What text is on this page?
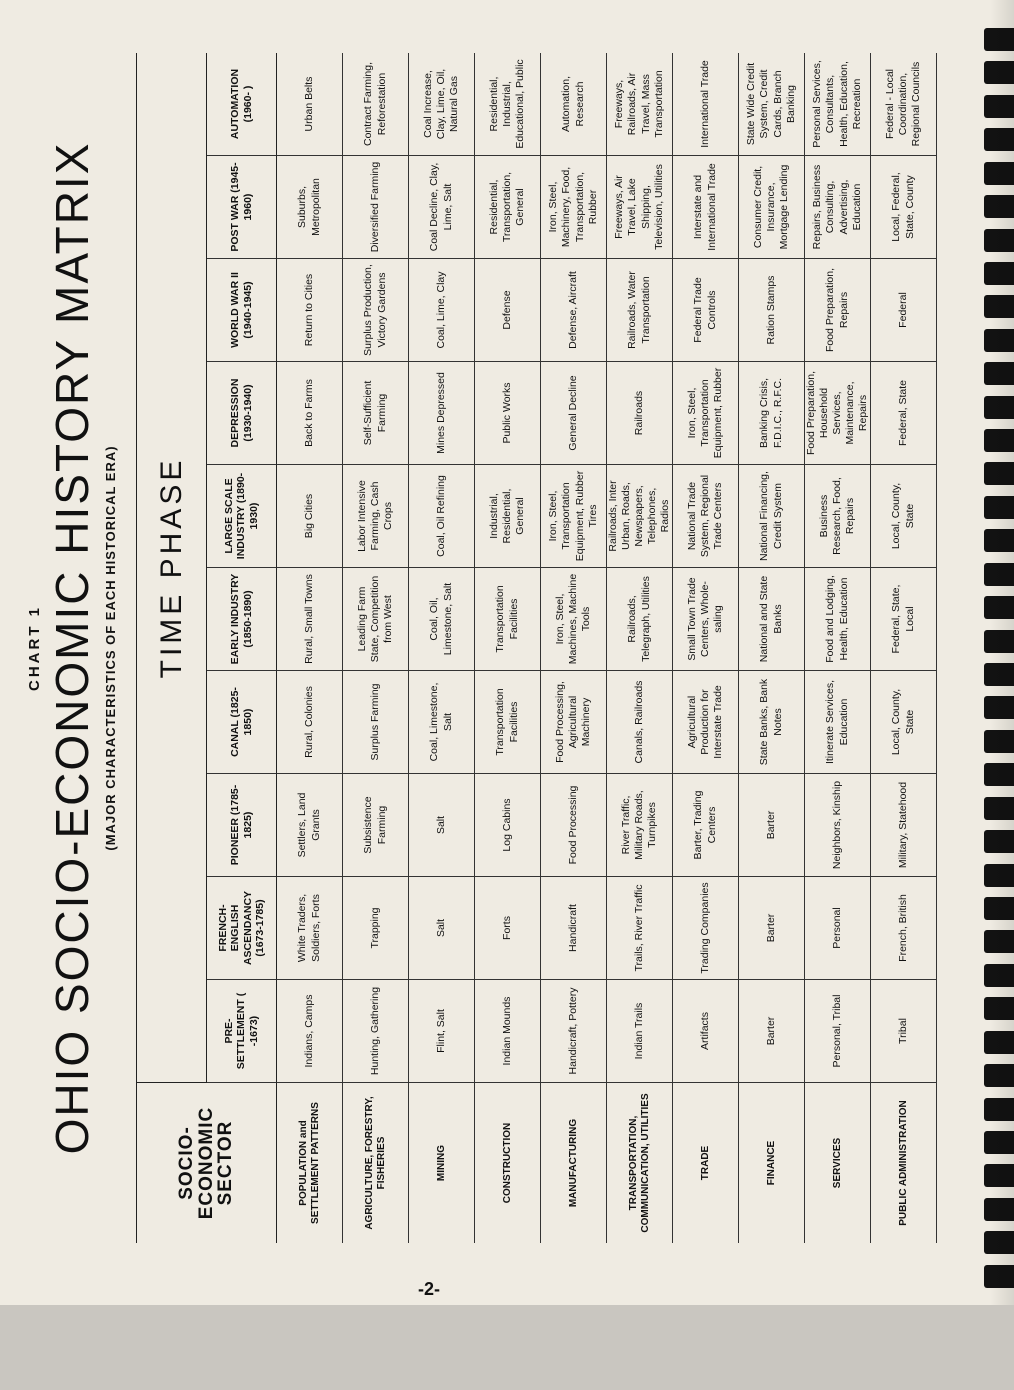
CHART 1 OHIO SOCIO-ECONOMIC HISTORY MATRIX (MAJOR CHARACTERISTICS OF EACH HISTORICAL ERA)
-2-
SOCIO-ECONOMIC SECTOR
TIME PHASE
PRE-SETTLEMENT ( -1673)
FRENCH-ENGLISH ASCENDANCY (1673-1785)
PIONEER (1785-1825)
CANAL (1825-1850)
EARLY INDUSTRY (1850-1890)
LARGE SCALE INDUSTRY (1890-1930)
DEPRESSION (1930-1940)
WORLD WAR II (1940-1945)
POST WAR (1945-1960)
AUTOMATION (1960- )
POPULATION and SETTLEMENT PATTERNS
Indians, Camps
White Traders, Soldiers, Forts
Settlers, Land Grants
Rural, Colonies
Rural, Small Towns
Big Cities
Back to Farms
Return to Cities
Suburbs, Metropolitan
Urban Belts
AGRICULTURE, FORESTRY, FISHERIES
Hunting, Gathering
Trapping
Subsistence Farming
Surplus Farming
Leading Farm State, Competition from West
Labor Intensive Farming, Cash Crops
Self-Sufficient Farming
Surplus Production, Victory Gardens
Diversified Farming
Contract Farming, Reforestation
MINING
Flint, Salt
Salt
Salt
Coal, Limestone, Salt
Coal, Oil, Limestone, Salt
Coal, Oil Refining
Mines Depressed
Coal, Lime, Clay
Coal Decline, Clay, Lime, Salt
Coal Increase, Clay, Lime, Oil, Natural Gas
CONSTRUCTION
Indian Mounds
Forts
Log Cabins
Transportation Facilities
Transportation Facilities
Industrial, Residential, General
Public Works
Defense
Residential, Transportation, General
Residential, Industrial, Educational, Public
MANUFACTURING
Handicraft, Pottery
Handicraft
Food Processing
Food Processing, Agricultural Machinery
Iron, Steel, Machines, Machine Tools
Iron, Steel, Transportation Equipment, Rubber Tires
General Decline
Defense, Aircraft
Iron, Steel, Machinery, Food, Transportation, Rubber
Automation, Research
TRANSPORTATION, COMMUNICATION, UTILITIES
Indian Trails
Trails, River Traffic
River Traffic, Military Roads, Turnpikes
Canals, Railroads
Railroads, Telegraph, Utilities
Railroads, Inter Urban, Roads, Newspapers, Telephones, Radios
Railroads
Railroads, Water Transportation
Freeways, Air Travel, Lake Shipping, Television, Utilities
Freeways, Railroads, Air Travel, Mass Transportation
TRADE
Artifacts
Trading Companies
Barter, Trading Centers
Agricultural Production for Interstate Trade
Small Town Trade Centers, Whole-saling
National Trade System, Regional Trade Centers
Iron, Steel, Transportation Equipment, Rubber
Federal Trade Controls
Interstate and International Trade
International Trade
FINANCE
Barter
Barter
Barter
State Banks, Bank Notes
National and State Banks
National Financing, Credit System
Banking Crisis, F.D.I.C., R.F.C.
Ration Stamps
Consumer Credit, Insurance, Mortgage Lending
State Wide Credit System, Credit Cards, Branch Banking
SERVICES
Personal, Tribal
Personal
Neighbors, Kinship
Itinerate Services, Education
Food and Lodging, Health, Education
Business Research, Food, Repairs
Food Preparation, Household Services, Maintenance, Repairs
Food Preparation, Repairs
Repairs, Business Consulting, Advertising, Education
Personal Services, Consultants, Health, Education, Recreation
PUBLIC ADMINISTRATION
Tribal
French, British
Military, Statehood
Local, County, State
Federal, State, Local
Local, County, State
Federal, State
Federal
Local, Federal, State, County
Federal - Local Coordination, Regional Councils
